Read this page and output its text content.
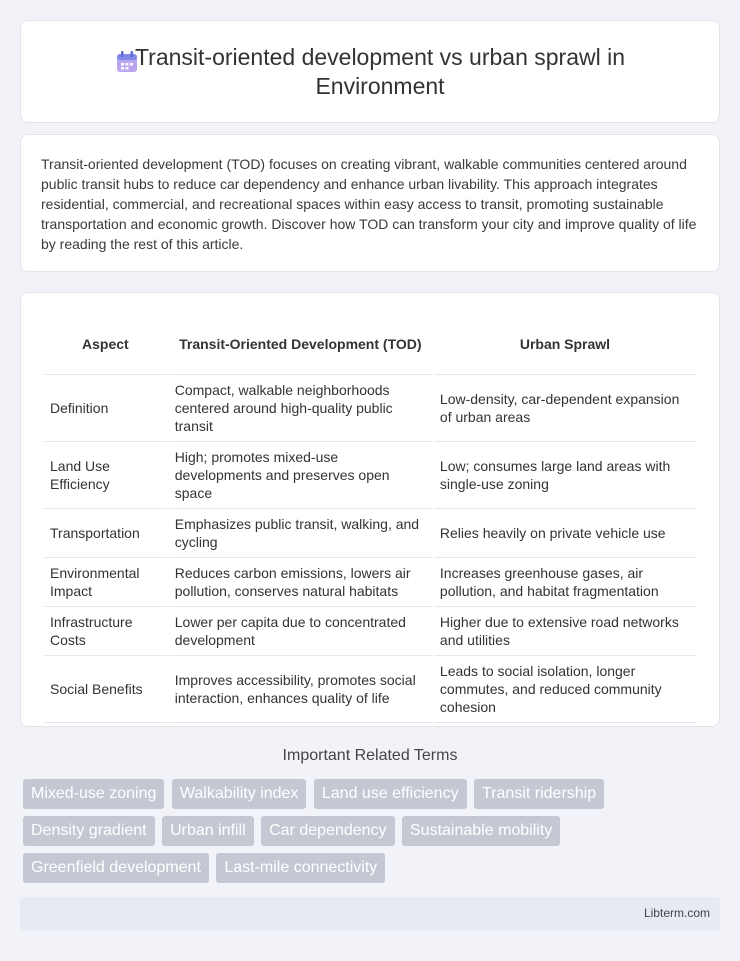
Transit-oriented development vs urban sprawl in Environment

Transit-oriented development (TOD) focuses on creating vibrant, walkable communities centered around public transit hubs to reduce car dependency and enhance urban livability. This approach integrates residential, commercial, and recreational spaces within easy access to transit, promoting sustainable transportation and economic growth. Discover how TOD can transform your city and improve quality of life by reading the rest of this article.

Aspect	Transit-Oriented Development (TOD)	Urban Sprawl
Definition	Compact, walkable neighborhoods centered around high-quality public transit	Low-density, car-dependent expansion of urban areas
Land Use Efficiency	High; promotes mixed-use developments and preserves open space	Low; consumes large land areas with single-use zoning
Transportation	Emphasizes public transit, walking, and cycling	Relies heavily on private vehicle use
Environmental Impact	Reduces carbon emissions, lowers air pollution, conserves natural habitats	Increases greenhouse gases, air pollution, and habitat fragmentation
Infrastructure Costs	Lower per capita due to concentrated development	Higher due to extensive road networks and utilities
Social Benefits	Improves accessibility, promotes social interaction, enhances quality of life	Leads to social isolation, longer commutes, and reduced community cohesion
Important Related Terms
Mixed-use zoning Walkability index Land use efficiency Transit ridership
Density gradient Urban infill Car dependency Sustainable mobility
Greenfield development Last-mile connectivity
Libterm.com
